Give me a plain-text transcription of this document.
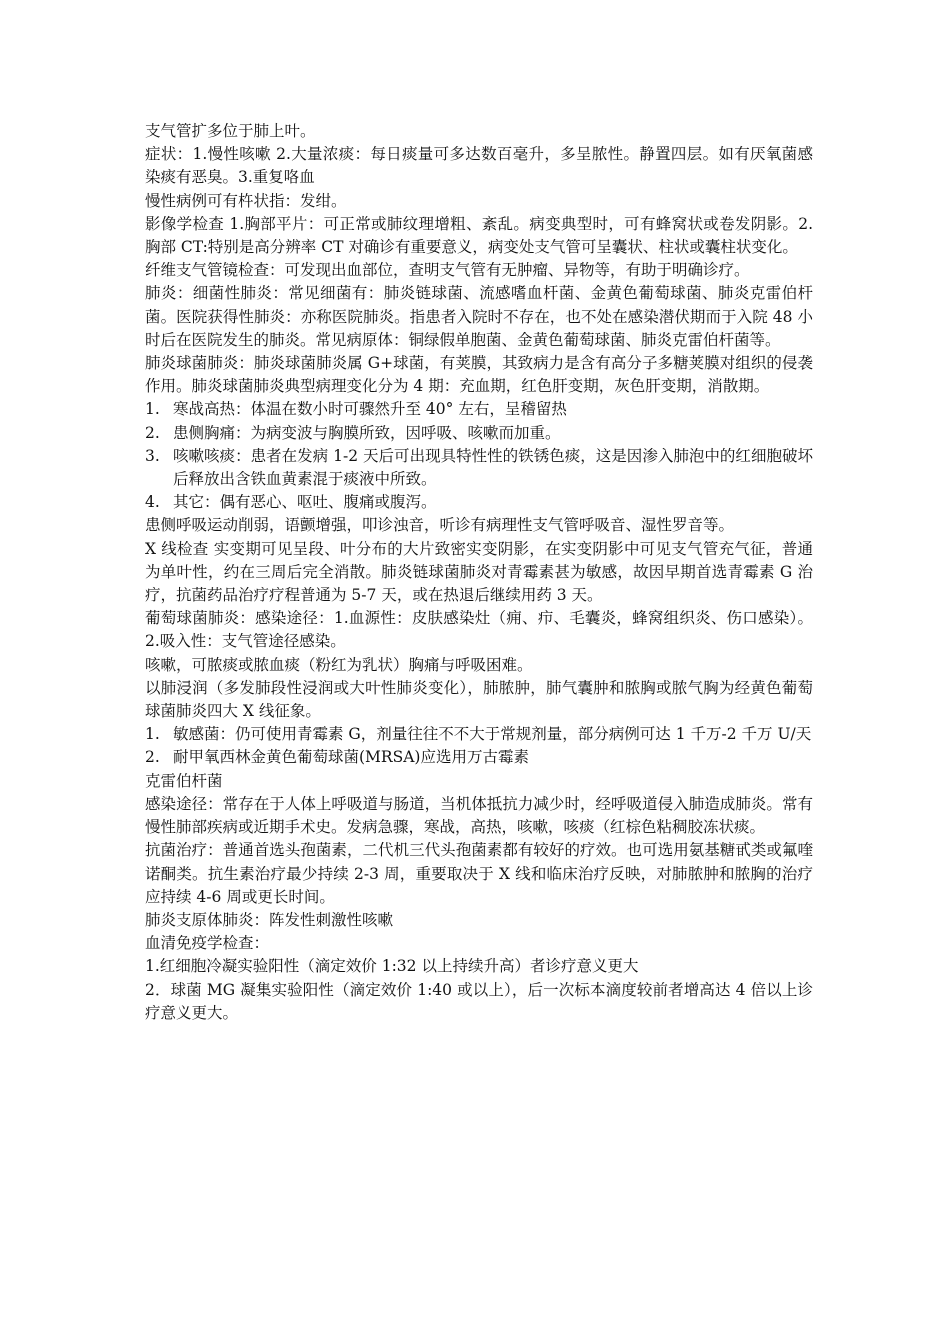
支气管扩多位于肺上叶。

症状：1.慢性咳嗽 2.大量浓痰：每日痰量可多达数百毫升，多呈脓性。静置四层。如有厌氧菌感染痰有恶臭。3.重复咯血

慢性病例可有杵状指：发绀。

影像学检查 1.胸部平片：可正常或肺纹理增粗、紊乱。病变典型时，可有蜂窝状或卷发阴影。2.胸部 CT:特别是高分辨率 CT 对确诊有重要意义，病变处支气管可呈囊状、柱状或囊柱状变化。

纤维支气管镜检查：可发现出血部位，查明支气管有无肿瘤、异物等，有助于明确诊疗。

肺炎：细菌性肺炎：常见细菌有：肺炎链球菌、流感嗜血杆菌、金黄色葡萄球菌、肺炎克雷伯杆菌。医院获得性肺炎：亦称医院肺炎。指患者入院时不存在，也不处在感染潜伏期而于入院 48 小时后在医院发生的肺炎。常见病原体：铜绿假单胞菌、金黄色葡萄球菌、肺炎克雷伯杆菌等。

肺炎球菌肺炎：肺炎球菌肺炎属 G+球菌，有荚膜，其致病力是含有高分子多糖荚膜对组织的侵袭作用。肺炎球菌肺炎典型病理变化分为 4 期：充血期，红色肝变期，灰色肝变期，消散期。

1. 寒战高热：体温在数小时可骤然升至 40° 左右，呈稽留热
2. 患侧胸痛：为病变波与胸膜所致，因呼吸、咳嗽而加重。
3. 咳嗽咳痰：患者在发病 1-2 天后可出现具特性性的铁锈色痰，这是因渗入肺泡中的红细胞破坏后释放出含铁血黄素混于痰液中所致。
4. 其它：偶有恶心、呕吐、腹痛或腹泻。

患侧呼吸运动削弱，语颤增强，叩诊浊音，听诊有病理性支气管呼吸音、湿性罗音等。

X 线检查 实变期可见呈段、叶分布的大片致密实变阴影，在实变阴影中可见支气管充气征，普通为单叶性，约在三周后完全消散。肺炎链球菌肺炎对青霉素甚为敏感，故因早期首选青霉素 G 治疗，抗菌药品治疗疗程普通为 5-7 天，或在热退后继续用药 3 天。

葡萄球菌肺炎：感染途径：1.血源性：皮肤感染灶（痈、疖、毛囊炎，蜂窝组织炎、伤口感染）。2.吸入性：支气管途径感染。

咳嗽，可脓痰或脓血痰（粉红为乳状）胸痛与呼吸困难。

以肺浸润（多发肺段性浸润或大叶性肺炎变化），肺脓肿，肺气囊肿和脓胸或脓气胸为经黄色葡萄球菌肺炎四大 X 线征象。

1. 敏感菌：仍可使用青霉素 G，剂量往往不不大于常规剂量，部分病例可达 1 千万-2 千万 U/天
2. 耐甲氧西林金黄色葡萄球菌(MRSA)应选用万古霉素

克雷伯杆菌

感染途径：常存在于人体上呼吸道与肠道，当机体抵抗力减少时，经呼吸道侵入肺造成肺炎。常有慢性肺部疾病或近期手术史。发病急骤，寒战，高热，咳嗽，咳痰（红棕色粘稠胶冻状痰。

抗菌治疗：普通首选头孢菌素，二代机三代头孢菌素都有较好的疗效。也可选用氨基糖甙类或氟喹诺酮类。抗生素治疗最少持续 2-3 周，重要取决于 X 线和临床治疗反映，对肺脓肿和脓胸的治疗应持续 4-6 周或更长时间。

肺炎支原体肺炎：阵发性刺激性咳嗽

血清免疫学检查：

1.红细胞冷凝实验阳性（滴定效价 1:32 以上持续升高）者诊疗意义更大

2．球菌 MG 凝集实验阳性（滴定效价 1:40 或以上），后一次标本滴度较前者增高达 4 倍以上诊疗意义更大。
